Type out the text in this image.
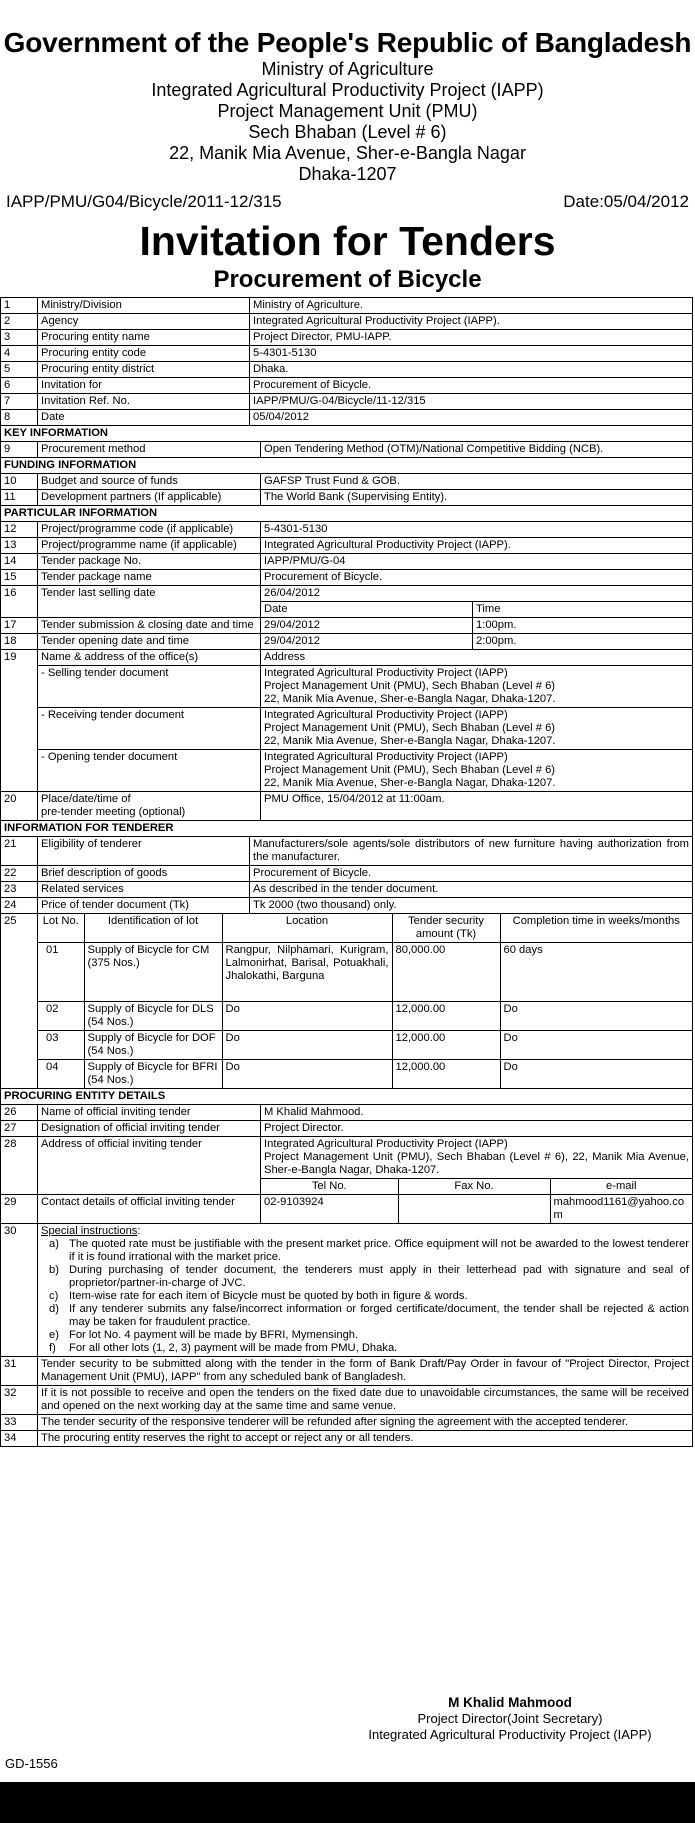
Government of the People's Republic of Bangladesh
Ministry of Agriculture
Integrated Agricultural Productivity Project (IAPP)
Project Management Unit (PMU)
Sech Bhaban (Level # 6)
22, Manik Mia Avenue, Sher-e-Bangla Nagar
Dhaka-1207
IAPP/PMU/G04/Bicycle/2011-12/315	Date:05/04/2012
Invitation for Tenders
Procurement of Bicycle
1	Ministry/Division	Ministry of Agriculture.
2	Agency	Integrated Agricultural Productivity Project (IAPP).
3	Procuring entity name	Project Director, PMU-IAPP.
4	Procuring entity code	5-4301-5130
5	Procuring entity district	Dhaka.
6	Invitation for	Procurement of Bicycle.
7	Invitation Ref. No.	IAPP/PMU/G-04/Bicycle/11-12/315
8	Date	05/04/2012
KEY INFORMATION
9	Procurement method	Open Tendering Method (OTM)/National Competitive Bidding (NCB).
FUNDING INFORMATION
10	Budget and source of funds	GAFSP Trust Fund & GOB.
11	Development partners (If applicable)	The World Bank (Supervising Entity).
PARTICULAR INFORMATION
12	Project/programme code (if applicable)	5-4301-5130
13	Project/programme name (if applicable)	Integrated Agricultural Productivity Project (IAPP).
14	Tender package No.	IAPP/PMU/G-04
15	Tender package name	Procurement of Bicycle.
16	Tender last selling date	26/04/2012
Date	Time
17	Tender submission & closing date and time	29/04/2012	1:00pm.
18	Tender opening date and time	29/04/2012	2:00pm.
19	Name & address of the office(s)	Address
- Selling tender document	Integrated Agricultural Productivity Project (IAPP)
Project Management Unit (PMU), Sech Bhaban (Level # 6)
22, Manik Mia Avenue, Sher-e-Bangla Nagar, Dhaka-1207.

- Receiving tender document	Integrated Agricultural Productivity Project (IAPP)
Project Management Unit (PMU), Sech Bhaban (Level # 6)
22, Manik Mia Avenue, Sher-e-Bangla Nagar, Dhaka-1207.

- Opening tender document	Integrated Agricultural Productivity Project (IAPP)
Project Management Unit (PMU), Sech Bhaban (Level # 6)
22, Manik Mia Avenue, Sher-e-Bangla Nagar, Dhaka-1207.

20	Place/date/time of
pre-tender meeting (optional)
	PMU Office, 15/04/2012 at 11:00am.
INFORMATION FOR TENDERER
21	Eligibility of tenderer	Manufacturers/sole agents/sole distributors of new furniture having authorization from the manufacturer.
22	Brief description of goods	Procurement of Bicycle.
23	Related services	As described in the tender document.
24	Price of tender document (Tk)	Tk 2000 (two thousand) only.
25	Lot No.	Identification of lot	Location	Tender security amount (Tk)	Completion time in weeks/months
01	Supply of Bicycle for CM (375 Nos.)	Rangpur, Nilphamari, Kurigram, Lalmonirhat, Barisal, Potuakhali, Jhalokathi, Barguna	80,000.00	60 days
02	Supply of Bicycle for DLS (54 Nos.)	Do	12,000.00	Do
03	Supply of Bicycle for DOF (54 Nos.)	Do	12,000.00	Do
04	Supply of Bicycle for BFRI (54 Nos.)	Do	12,000.00	Do

PROCURING ENTITY DETAILS
26	Name of official inviting tender	M Khalid Mahmood.
27	Designation of official inviting tender	Project Director.
28	Address of official inviting tender	Integrated Agricultural Productivity Project (IAPP)
Project Management Unit (PMU), Sech Bhaban (Level # 6), 22, Manik Mia Avenue, Sher-e-Bangla Nagar, Dhaka-1207.

Tel No.	Fax No.	e-mail

29	Contact details of official inviting tender		02-9103924		mahmood1161@yahoo.com

30	Special instructions:
a) The quoted rate must be justifiable with the present market price. Office equipment will not be awarded to the lowest tenderer if it is found irrational with the market price.
b) During purchasing of tender document, the tenderers must apply in their letterhead pad with signature and seal of proprietor/partner-in-charge of JVC.
c) Item-wise rate for each item of Bicycle must be quoted by both in figure & words.
d) If any tenderer submits any false/incorrect information or forged certificate/document, the tender shall be rejected & action may be taken for fraudulent practice.
e) For lot No. 4 payment will be made by BFRI, Mymensingh.
f)	For all other lots (1, 2, 3) payment will be made from PMU, Dhaka.

31	Tender security to be submitted along with the tender in the form of Bank Draft/Pay Order in favour of "Project Director, Project Management Unit (PMU), IAPP" from any scheduled bank of Bangladesh.
32	If it is not possible to receive and open the tenders on the fixed date due to unavoidable circumstances, the same will be received and opened on the next working day at the same time and same venue.
33	The tender security of the responsive tenderer will be refunded after signing the agreement with the accepted tenderer.
34	The procuring entity reserves the right to accept or reject any or all tenders.
M Khalid Mahmood
Project Director(Joint Secretary)
Integrated Agricultural Productivity Project (IAPP)
GD-1556
